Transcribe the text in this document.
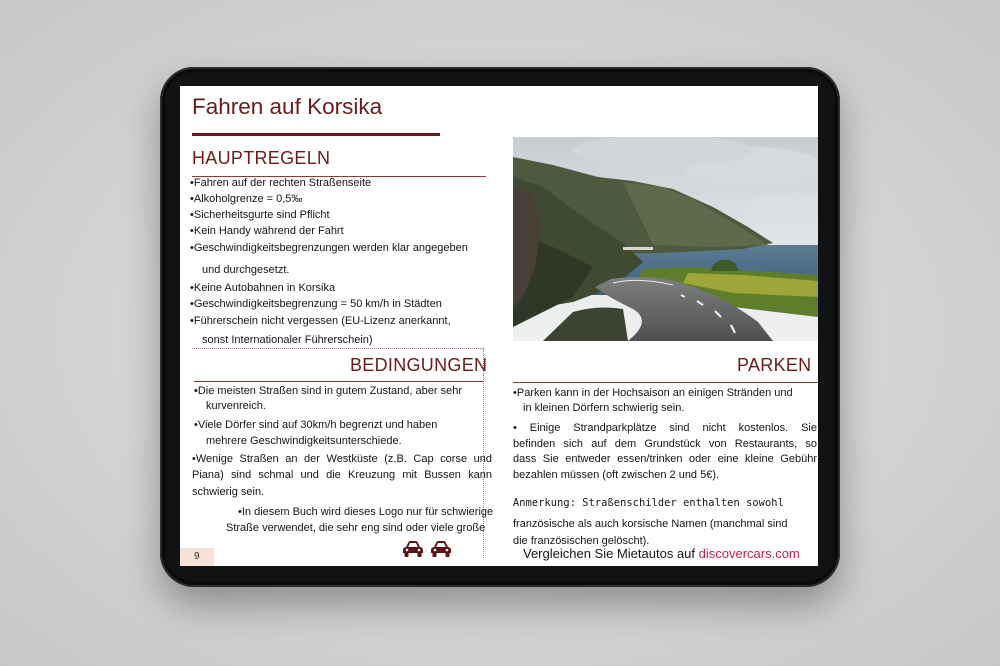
Fahren auf Korsika
HAUPTREGELN
•Fahren auf der rechten Straßenseite
•Alkoholgrenze = 0,5‰
•Sicherheitsgurte sind Pflicht
•Kein Handy während der Fahrt
•Geschwindigkeitsbegrenzungen werden klar angegeben
und durchgesetzt.
•Keine Autobahnen in Korsika
•Geschwindigkeitsbegrenzung = 50 km/h in Städten
•Führerschein nicht vergessen (EU-Lizenz anerkannt,
sonst Internationaler Führerschein)
BEDINGUNGEN
•Die meisten Straßen sind in gutem Zustand, aber sehr
kurvenreich.
•Viele Dörfer sind auf 30km/h begrenzt und haben
mehrere Geschwindigkeitsunterschiede.
•Wenige Straßen an der Westküste (z.B. Cap corse und
Piana) sind schmal und die Kreuzung mit Bussen kann
schwierig sein.
•In diesem Buch wird dieses Logo nur für schwierige
Straße verwendet, die sehr eng sind oder viele große
9
PARKEN
•Parken kann in der Hochsaison an einigen Stränden und
in kleinen Dörfern schwierig sein.
• Einige Strandparkplätze sind nicht kostenlos. Sie
befinden sich auf dem Grundstück von Restaurants, so
dass Sie entweder essen/trinken oder eine kleine Gebühr
bezahlen müssen (oft zwischen 2 und 5€).
Anmerkung: Straßenschilder enthalten sowohl
französische als auch korsische Namen (manchmal sind
die französischen gelöscht).
Vergleichen Sie Mietautos auf discovercars.com
